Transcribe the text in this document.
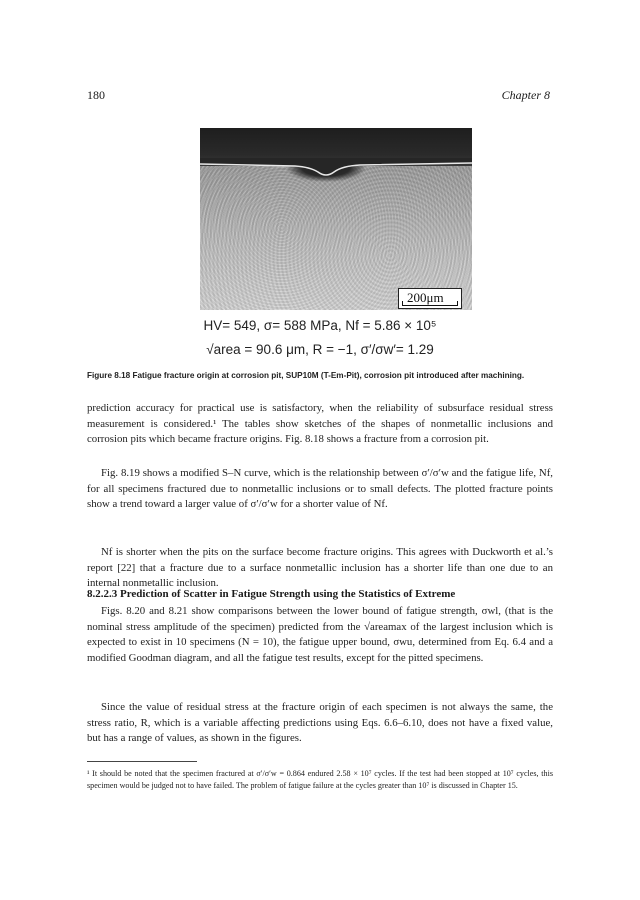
180	Chapter 8
200μm
HV= 549, σ= 588 MPa, Nf = 5.86 × 10⁵
√area = 90.6 μm, R = −1, σ′/σw′= 1.29
Figure 8.18 Fatigue fracture origin at corrosion pit, SUP10M (T-Em-Pit), corrosion pit introduced after machining.
prediction accuracy for practical use is satisfactory, when the reliability of subsurface residual stress measurement is considered.¹ The tables show sketches of the shapes of nonmetallic inclusions and corrosion pits which became fracture origins. Fig. 8.18 shows a fracture from a corrosion pit.
Fig. 8.19 shows a modified S–N curve, which is the relationship between σ′/σ′w and the fatigue life, Nf, for all specimens fractured due to nonmetallic inclusions or to small defects. The plotted fracture points show a trend toward a larger value of σ′/σ′w for a shorter value of Nf.
Nf is shorter when the pits on the surface become fracture origins. This agrees with Duckworth et al.’s report [22] that a fracture due to a surface nonmetallic inclusion has a shorter life than one due to an internal nonmetallic inclusion.
8.2.2.3 Prediction of Scatter in Fatigue Strength using the Statistics of Extreme
Figs. 8.20 and 8.21 show comparisons between the lower bound of fatigue strength, σwl, (that is the nominal stress amplitude of the specimen) predicted from the √areamax of the largest inclusion which is expected to exist in 10 specimens (N = 10), the fatigue upper bound, σwu, determined from Eq. 6.4 and a modified Goodman diagram, and all the fatigue test results, except for the pitted specimens.
Since the value of residual stress at the fracture origin of each specimen is not always the same, the stress ratio, R, which is a variable affecting predictions using Eqs. 6.6–6.10, does not have a fixed value, but has a range of values, as shown in the figures.
¹ It should be noted that the specimen fractured at σ′/σ′w = 0.864 endured 2.58 × 10⁷ cycles. If the test had been stopped at 10⁷ cycles, this specimen would be judged not to have failed. The problem of fatigue failure at the cycles greater than 10⁷ is discussed in Chapter 15.
